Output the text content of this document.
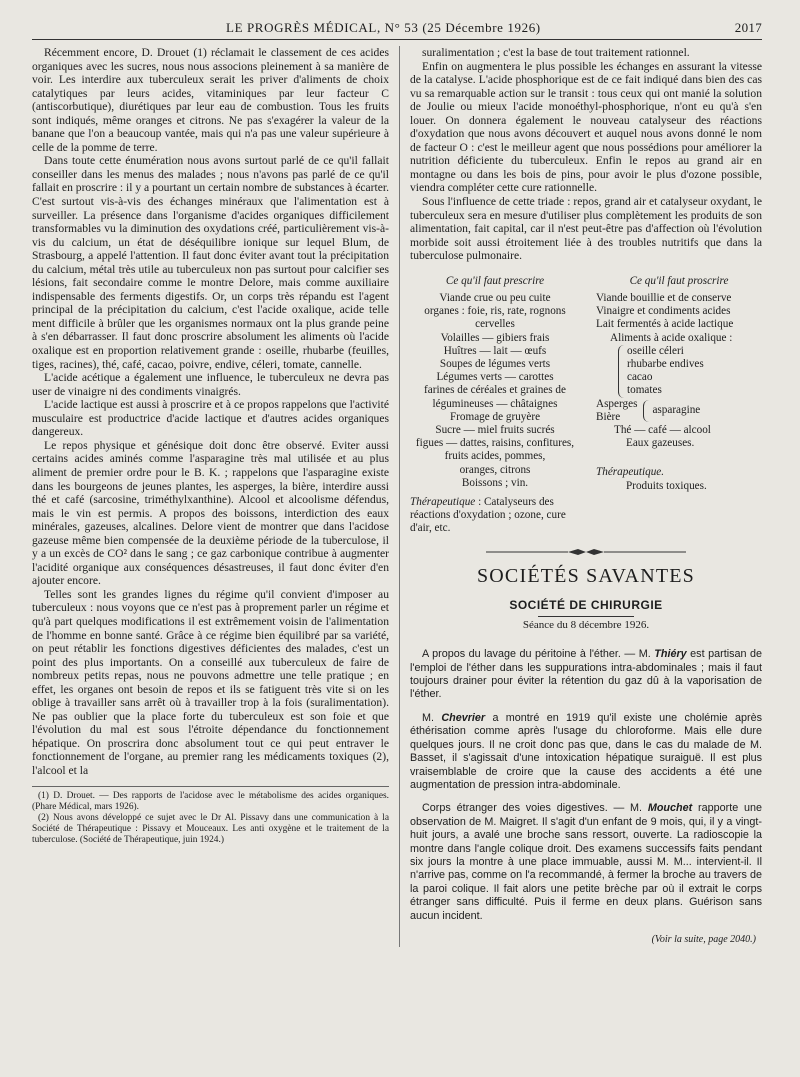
LE PROGRÈS MÉDICAL, N° 53 (25 Décembre 1926)	2017

Récemment encore, D. Drouet (1) réclamait le classement de ces acides organiques avec les sucres, nous nous associons pleinement à sa manière de voir. Les interdire aux tuberculeux serait les priver d'aliments de choix catalytiques par leurs acides, vitaminiques par leur facteur C (antiscorbutique), diurétiques par leur eau de combustion. Tous les fruits sont indiqués, même oranges et citrons. Ne pas s'exagérer la valeur de la banane que l'on a beaucoup vantée, mais qui n'a pas une valeur supérieure à celle de la pomme de terre.

Dans toute cette énumération nous avons surtout parlé de ce qu'il fallait conseiller dans les menus des malades ; nous n'avons pas parlé de ce qu'il fallait en proscrire : il y a pourtant un certain nombre de substances à écarter. C'est surtout vis-à-vis des échanges minéraux que l'alimentation est à surveiller. La présence dans l'organisme d'acides organiques difficilement transformables vu la diminution des oxydations créé, particulièrement vis-à-vis du calcium, un état de déséquilibre ionique sur lequel Blum, de Strasbourg, a appelé l'attention. Il faut donc éviter avant tout la précipitation du calcium, métal très utile au tuberculeux non pas surtout pour calcifier ses lésions, fait secondaire comme le montre Delore, mais comme auxiliaire indispensable des ferments digestifs. Or, un corps très répandu est l'agent principal de la précipitation du calcium, c'est l'acide oxalique, acide telle ment difficile à brûler que les organismes normaux ont la plus grande peine à s'en débarrasser. Il faut donc proscrire absolument les aliments où l'acide oxalique est en proportion relativement grande : oseille, rhubarbe (feuilles, tiges, racines), thé, café, cacao, poivre, endive, céleri, tomate, cannelle.

L'acide acétique a également une influence, le tuberculeux ne devra pas user de vinaigre ni des condiments vinaigrés.

L'acide lactique est aussi à proscrire et à ce propos rappelons que l'activité musculaire est productrice d'acide lactique et d'autres acides organiques dangereux.

Le repos physique et génésique doit donc être observé. Eviter aussi certains acides aminés comme l'asparagine très mal utilisée et au plus aliment de premier ordre pour le B. K. ; rappelons que l'asparagine existe dans les bourgeons de jeunes plantes, les asperges, la bière, interdire aussi thé et café (sarcosine, triméthylxanthine). Alcool et alcoolisme défendus, mais le vin est permis. A propos des boissons, interdiction des eaux minérales, gazeuses, alcalines. Delore vient de montrer que dans l'acidose gazeuse même bien compensée de la deuxième période de la tuberculose, il y a un excès de CO² dans le sang ; ce gaz carbonique contribue à augmenter l'acidité organique aux conséquences désastreuses, il faut donc éviter d'en ajouter encore.

Telles sont les grandes lignes du régime qu'il convient d'imposer au tuberculeux : nous voyons que ce n'est pas à proprement parler un régime et qu'à part quelques modifications il est extrêmement voisin de l'alimentation de l'homme en bonne santé. Grâce à ce régime bien équilibré par sa variété, on peut rétablir les fonctions digestives déficientes des malades, c'est un point des plus importants. On a conseillé aux tuberculeux de faire de nombreux petits repas, nous ne pouvons admettre une telle pratique ; en effet, les organes ont besoin de repos et ils se fatiguent très vite si on les oblige à travailler sans arrêt où à travailler trop à la fois (suralimentation). Ne pas oublier que la place forte du tuberculeux est son foie et que l'évolution du mal est sous l'étroite dépendance du fonctionnement hépatique. On proscrira donc absolument tout ce qui peut entraver le fonctionnement de l'organe, au premier rang les médicaments toxiques (2), l'alcool et la

(1) D. Drouet. — Des rapports de l'acidose avec le métabolisme des acides organiques. (Phare Médical, mars 1926).

(2) Nous avons développé ce sujet avec le Dr Al. Pissavy dans une communication à la Société de Thérapeutique : Pissavy et Mouceaux. Les anti oxygène et le traitement de la tuberculose. (Société de Thérapeutique, juin 1924.)

suralimentation ; c'est la base de tout traitement rationnel.

Enfin on augmentera le plus possible les échanges en assurant la vitesse de la catalyse. L'acide phosphorique est de ce fait indiqué dans bien des cas vu sa remarquable action sur le transit : tous ceux qui ont manié la solution de Joulie ou mieux l'acide monoéthyl-phosphorique, n'ont eu qu'à s'en louer. On donnera également le nouveau catalyseur des réactions d'oxydation que nous avons découvert et auquel nous avons donné le nom de facteur O : c'est le meilleur agent que nous possédions pour améliorer la nutrition déficiente du tuberculeux. Enfin le repos au grand air en montagne ou dans les bois de pins, pour avoir le plus d'ozone possible, viendra compléter cette cure rationnelle.

Sous l'influence de cette triade : repos, grand air et catalyseur oxydant, le tuberculeux sera en mesure d'utiliser plus complètement les produits de son alimentation, fait capital, car il n'est peut-être pas d'affection où l'évolution morbide soit aussi étroitement liée à des troubles nutritifs que dans la tuberculose pulmonaire.

Ce qu'il faut prescrire
Viande crue ou peu cuite
organes : foie, ris, rate, rognons
cervelles
Volailles — gibiers frais
Huîtres — lait — œufs
Soupes de légumes verts
Légumes verts — carottes
farines de céréales et graines de
légumineuses — châtaignes
Fromage de gruyère
Sucre — miel fruits sucrés
figues — dattes, raisins, confitures, fruits acides, pommes,
oranges, citrons
Boissons ; vin.
Thérapeutique : Catalyseurs des réactions d'oxydation ; ozone, cure d'air, etc.
Ce qu'il faut proscrire
Viande bouillie et de conserve
Vinaigre et condiments acides
Lait fermentés à acide lactique
Aliments à acide oxalique :
oseille céleri
rhubarbe endives
cacao
tomates
Asperges
Bière
asparagine
Thé — café — alcool
Eaux gazeuses.
Thérapeutique.
Produits toxiques.
SOCIÉTÉS SAVANTES
SOCIÉTÉ DE CHIRURGIE
Séance du 8 décembre 1926.

A propos du lavage du péritoine à l'éther. — M. Thiéry est partisan de l'emploi de l'éther dans les suppurations intra-abdominales ; mais il faut toujours drainer pour éviter la rétention du gaz dû à la vaporisation de l'éther.

M. Chevrier a montré en 1919 qu'il existe une cholémie après éthérisation comme après l'usage du chloroforme. Mais elle dure quelques jours. Il ne croit donc pas que, dans le cas du malade de M. Basset, il s'agissait d'une intoxication hépatique suraiguë. Il est plus vraisemblable de croire que la cause des accidents a été une augmentation de pression intra-abdominale.

Corps étranger des voies digestives. — M. Mouchet rapporte une observation de M. Maigret. Il s'agit d'un enfant de 9 mois, qui, il y a vingt-huit jours, a avalé une broche sans ressort, ouverte. La radioscopie la montre dans l'angle colique droit. Des examens successifs faits pendant six jours la montre à une place immuable, aussi M. M... intervient-il. Il n'arrive pas, comme on l'a recommandé, à fermer la broche au travers de la paroi colique. Il fait alors une petite brèche par où il extrait le corps étranger sans difficulté. Puis il ferme en deux plans. Guérison sans aucun incident.

(Voir la suite, page 2040.)
